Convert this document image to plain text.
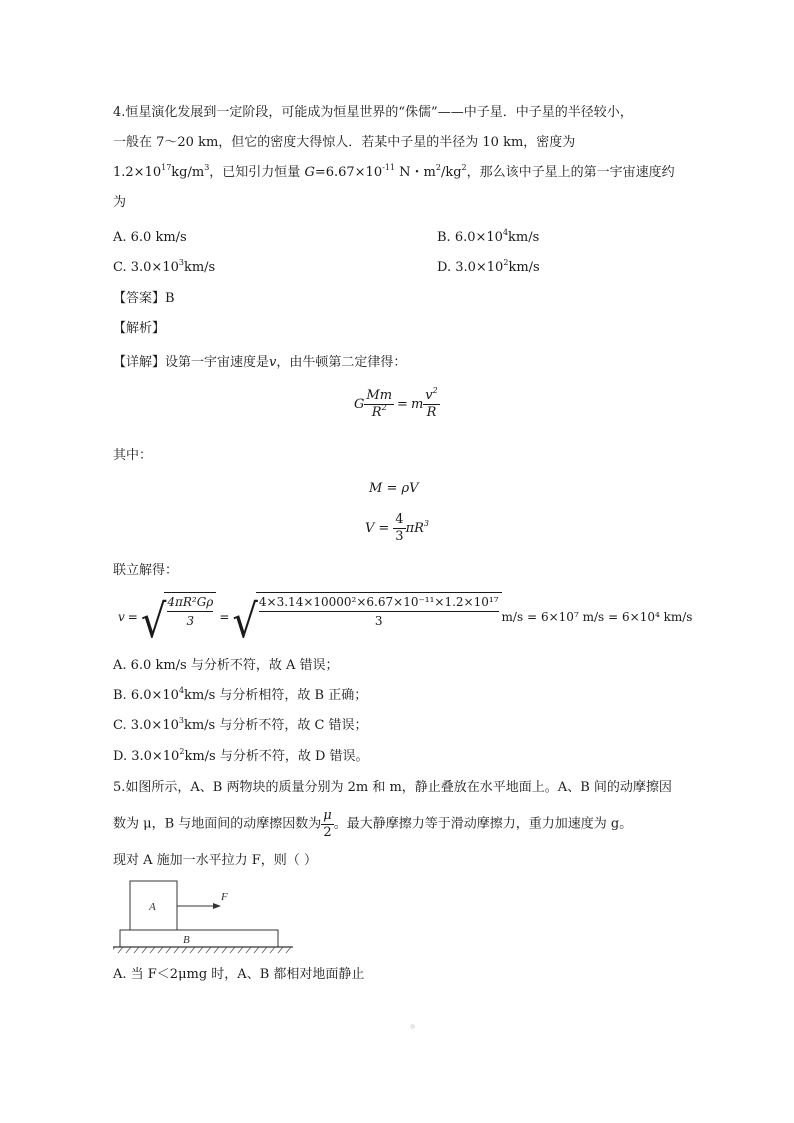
4.恒星演化发展到一定阶段，可能成为恒星世界的“侏儒”——中子星．中子星的半径较小，
一般在 7～20 km，但它的密度大得惊人．若某中子星的半径为 10 km，密度为
$1.2\times 10^{17}kg/m^3$，已知引力恒量 $G=6.67\times 10^{-11}$ N・$m^2/kg^2$，那么该中子星上的第一宇宙速度约
为
A. 6.0 km/s	B. $6.0\times 10^4km/s$
C. $3.0\times 10^3km/s$	D. $3.0\times 10^2km/s$
【答案】B
【解析】
【详解】设第一宇宙速度是v，由牛顿第二定律得：
G $\frac{Mm}{R^2} = m \frac{v^2}{R}$
其中：
M = ρV
$V = \frac{4}{3} \pi R^3$
联立解得：
v =√
$\frac{\text{4πR²Gρ}}{3}$ =√
$\frac{\text{4×3.14×10000²×6.67×10⁻¹¹×1.2×10¹⁷}}{3} m/s = 6\times 10^7$ m/s = 6×10⁴ km/s
A. 6.0 km/s 与分析不符，故 A 错误；
B. $6.0\times 10^4km/s$ 与分析相符，故 B 正确；
C. $3.0\times 10^3km/s$ 与分析不符，故 C 错误；
D. $3.0\times 10^2km/s$ 与分析不符，故 D 错误。
5.如图所示，A、B 两物块的质量分别为 2m 和 m，静止叠放在水平地面上。A、B 间的动摩擦因
数为 μ，B 与地面间的动摩擦因数为 $\frac{\mu}{2}$ 。最大静摩擦力等于滑动摩擦力，重力加速度为 g。
现对 A 施加一水平拉力 F，则（ ）
A
B
F
A. 当 F＜2μmg 时，A、B 都相对地面静止
